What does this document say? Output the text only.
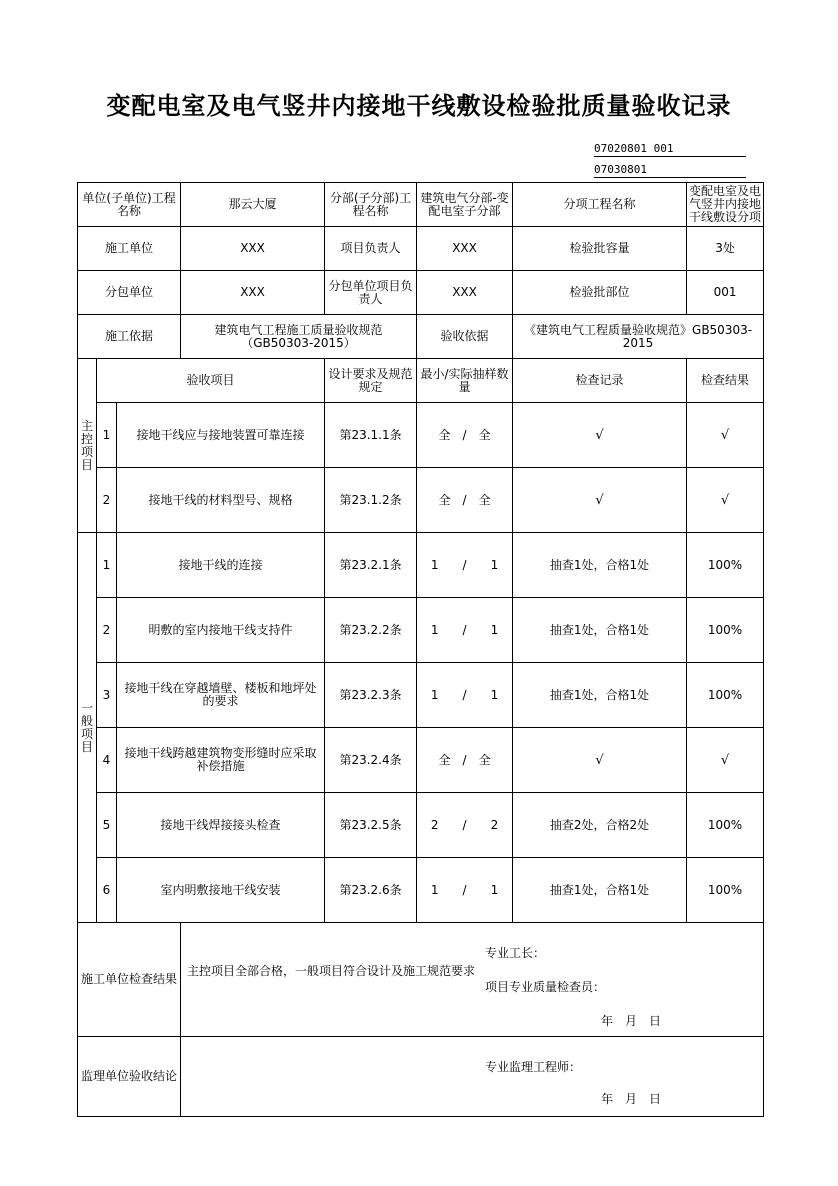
变配电室及电气竖井内接地干线敷设检验批质量验收记录
07020801 001
07030801
单位(子单位)工程名称			那云大厦	分部(子分部)工程名称	建筑电气分部-变配电室子分部	分项工程名称	变配电室及电气竖井内接地干线敷设分项
施工单位			XXX	项目负责人	XXX	检验批容量	3处
分包单位			XXX	分包单位项目负责人	XXX	检验批部位	001
施工依据			建筑电气工程施工质量验收规范（GB50303-2015）		验收依据	《建筑电气工程质量验收规范》GB50303-2015	
主控项目	验收项目			设计要求及规范规定	最小/实际抽样数量	检查记录	检查结果
	1	接地干线应与接地装置可靠连接		第23.1.1条	全　 /　 全	√	√
	2	接地干线的材料型号、规格		第23.1.2条	全　 /　 全	√	√
一般项目	1	接地干线的连接		第23.2.1条	1　　 /　　 1	抽查1处，合格1处	100%
	2	明敷的室内接地干线支持件		第23.2.2条	1　　 /　　 1	抽查1处，合格1处	100%
	3	接地干线在穿越墙壁、楼板和地坪处的要求		第23.2.3条	1　　 /　　 1	抽查1处，合格1处	100%
	4	接地干线跨越建筑物变形缝时应采取补偿措施		第23.2.4条	全　 /　 全	√	√
	5	接地干线焊接接头检查		第23.2.5条	2　　 /　　 2	抽查2处，合格2处	100%
	6	室内明敷接地干线安装		第23.2.6条	1　　 /　　 1	抽查1处，合格1处	100%
施工单位检查结果			主控项目全部合格，一般项目符合设计及施工规范要求
专业工长：
项目专业质量检查员：
年　月　日				

监理单位验收结论			专业监理工程师：
年　月　日				
